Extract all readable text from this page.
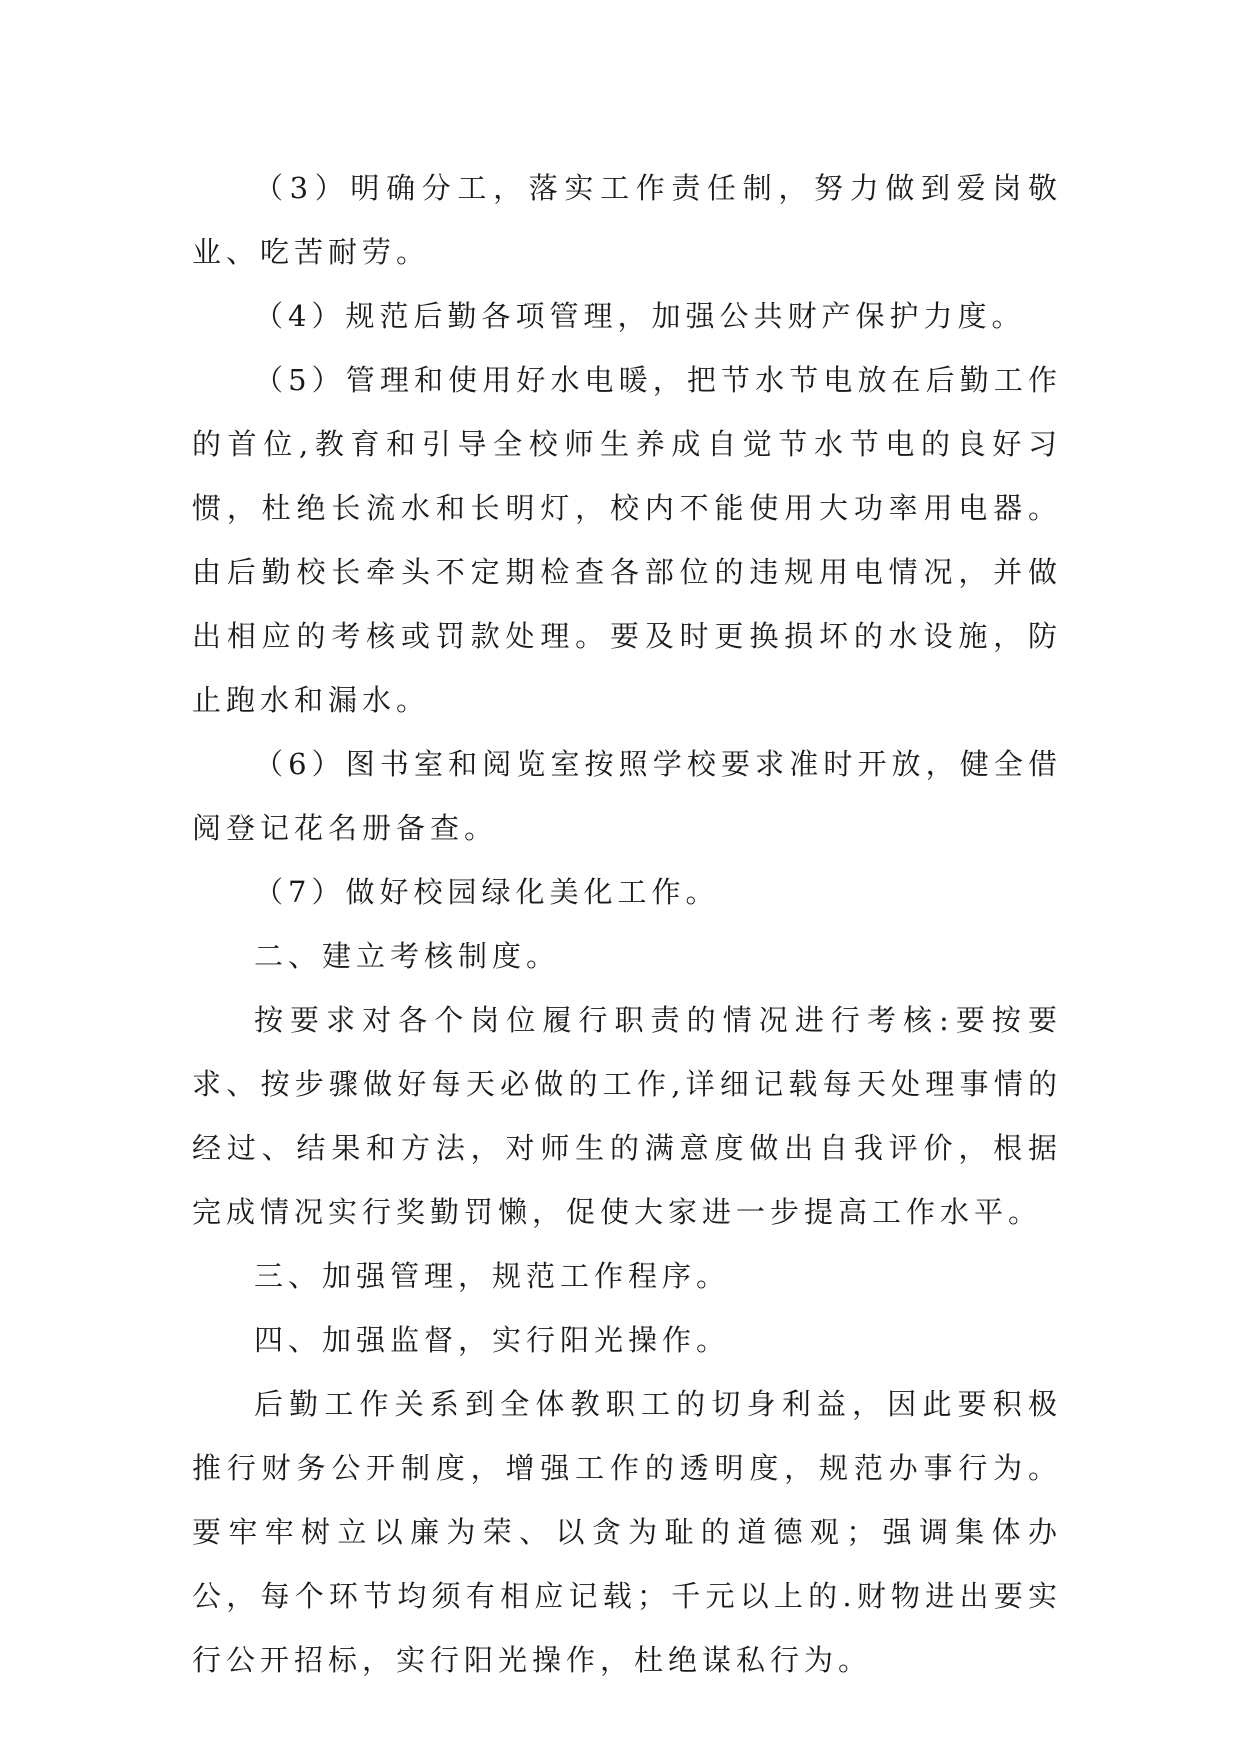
（3）明确分工，落实工作责任制，努力做到爱岗敬业、吃苦耐劳。

（4）规范后勤各项管理，加强公共财产保护力度。

（5）管理和使用好水电暖，把节水节电放在后勤工作的首位,教育和引导全校师生养成自觉节水节电的良好习惯，杜绝长流水和长明灯，校内不能使用大功率用电器。由后勤校长牵头不定期检查各部位的违规用电情况，并做出相应的考核或罚款处理。要及时更换损坏的水设施，防止跑水和漏水。

（6）图书室和阅览室按照学校要求准时开放，健全借阅登记花名册备查。

（7）做好校园绿化美化工作。

二、建立考核制度。

按要求对各个岗位履行职责的情况进行考核:要按要求、按步骤做好每天必做的工作,详细记载每天处理事情的经过、结果和方法，对师生的满意度做出自我评价，根据完成情况实行奖勤罚懒，促使大家进一步提高工作水平。

三、加强管理，规范工作程序。

四、加强监督，实行阳光操作。

后勤工作关系到全体教职工的切身利益，因此要积极推行财务公开制度，增强工作的透明度，规范办事行为。要牢牢树立以廉为荣、以贪为耻的道德观；强调集体办公，每个环节均须有相应记载；千元以上的.财物进出要实行公开招标，实行阳光操作，杜绝谋私行为。
